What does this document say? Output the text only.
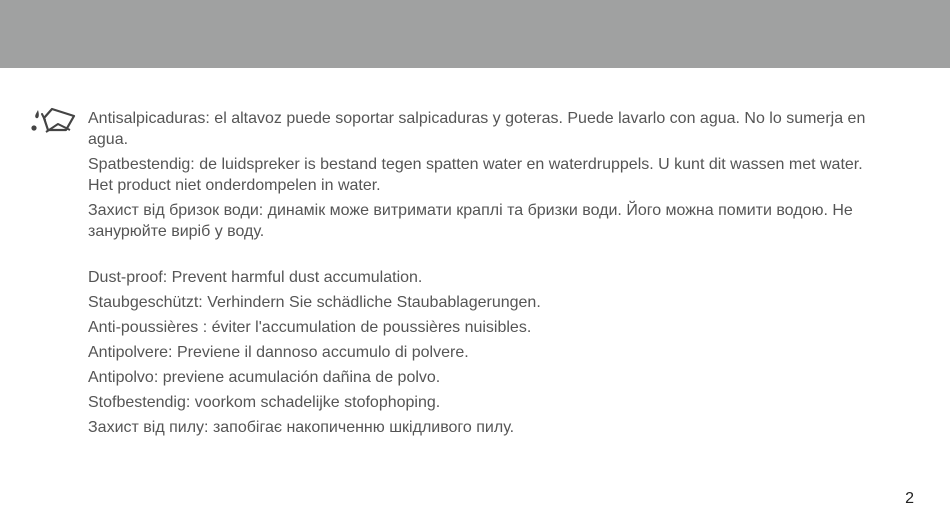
Antisalpicaduras: el altavoz puede soportar salpicaduras y goteras. Puede lavarlo con agua. No lo sumerja en agua.

Spatbestendig: de luidspreker is bestand tegen spatten water en waterdruppels. U kunt dit wassen met water. Het product niet onderdompelen in water.

Захист від бризок води: динамік може витримати краплі та бризки води. Його можна помити водою. Не занурюйте виріб у воду.

Dust-proof: Prevent harmful dust accumulation.

Staubgeschützt: Verhindern Sie schädliche Staubablagerungen.

Anti-poussières : éviter l'accumulation de poussières nuisibles.

Antipolvere: Previene il dannoso accumulo di polvere.

Antipolvo: previene acumulación dañina de polvo.

Stofbestendig: voorkom schadelijke stofophoping.

Захист від пилу: запобігає накопиченню шкідливого пилу.

2
